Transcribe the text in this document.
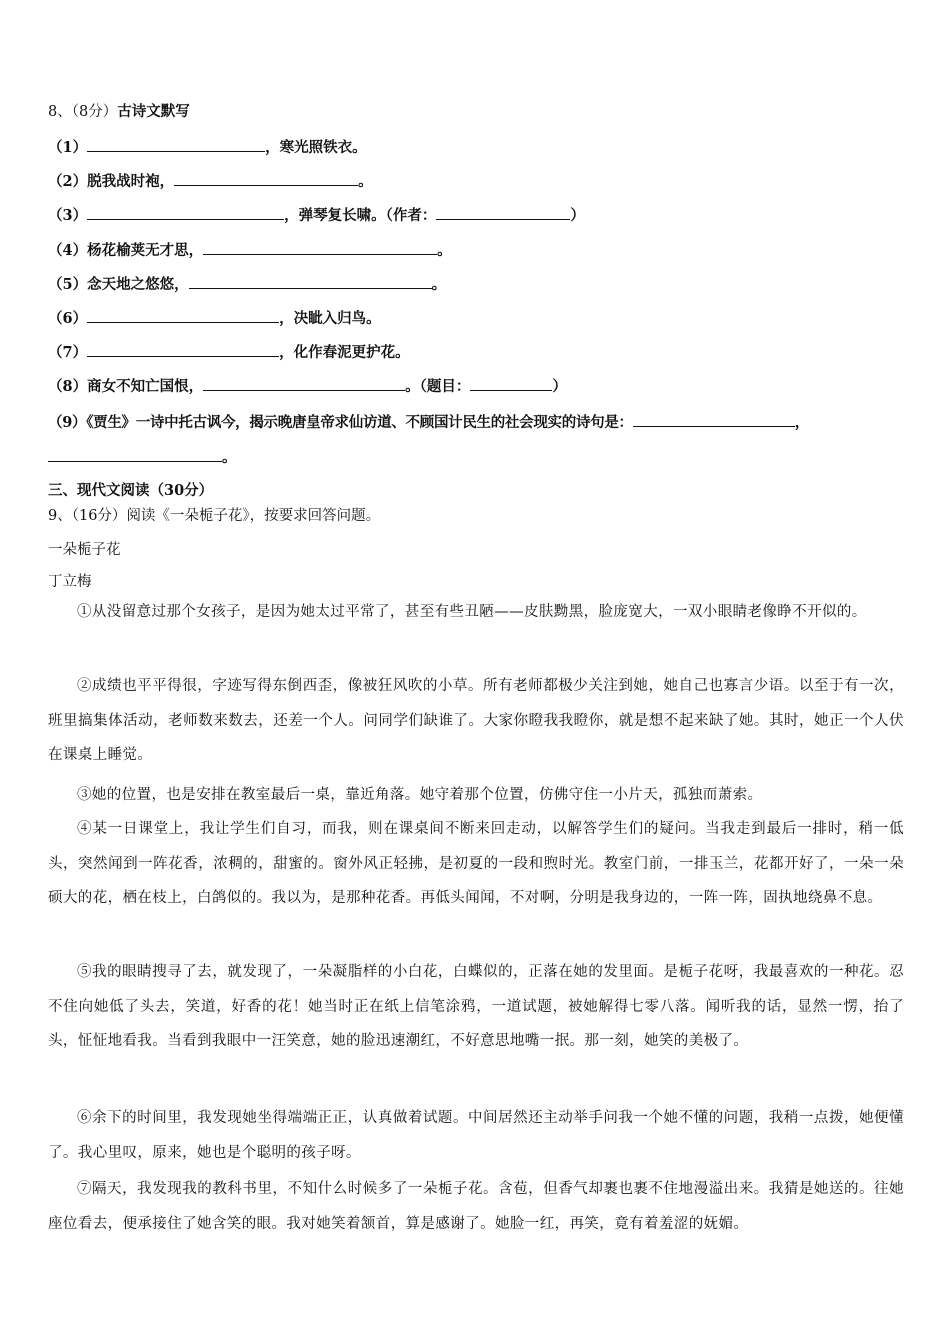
8、（8分）古诗文默写
（1）	，寒光照铁衣。
（2）脱我战时袍，	。
（3）	，弹琴复长啸。（作者：	）
（4）杨花榆荚无才思，	。
（5）念天地之悠悠，	。
（6）	，决眦入归鸟。
（7）	，化作春泥更护花。
（8）商女不知亡国恨，	。（题目：	）
（9）《贾生》一诗中托古讽今，揭示晚唐皇帝求仙访道、不顾国计民生的社会现实的诗句是：	，
。
三、现代文阅读（30分）
9、（16分）阅读《一朵栀子花》，按要求回答问题。
一朵栀子花
丁立梅
①从没留意过那个女孩子，是因为她太过平常了，甚至有些丑陋——皮肤黝黑，脸庞宽大，一双小眼睛老像睁不开似的。
②成绩也平平得很，字迹写得东倒西歪，像被狂风吹的小草。所有老师都极少关注到她，她自己也寡言少语。以至于有一次，班里搞集体活动，老师数来数去，还差一个人。问同学们缺谁了。大家你瞪我我瞪你，就是想不起来缺了她。其时，她正一个人伏在课桌上睡觉。
③她的位置，也是安排在教室最后一桌，靠近角落。她守着那个位置，仿佛守住一小片天，孤独而萧索。
④某一日课堂上，我让学生们自习，而我，则在课桌间不断来回走动，以解答学生们的疑问。当我走到最后一排时，稍一低头，突然闻到一阵花香，浓稠的，甜蜜的。窗外风正轻拂，是初夏的一段和煦时光。教室门前，一排玉兰，花都开好了，一朵一朵硕大的花，栖在枝上，白鸽似的。我以为，是那种花香。再低头闻闻，不对啊，分明是我身边的，一阵一阵，固执地绕鼻不息。
⑤我的眼睛搜寻了去，就发现了，一朵凝脂样的小白花，白蝶似的，正落在她的发里面。是栀子花呀，我最喜欢的一种花。忍不住向她低了头去，笑道，好香的花！她当时正在纸上信笔涂鸦，一道试题，被她解得七零八落。闻听我的话，显然一愣，抬了头，怔怔地看我。当看到我眼中一汪笑意，她的脸迅速潮红，不好意思地嘴一抿。那一刻，她笑的美极了。
⑥余下的时间里，我发现她坐得端端正正，认真做着试题。中间居然还主动举手问我一个她不懂的问题，我稍一点拨，她便懂了。我心里叹，原来，她也是个聪明的孩子呀。
⑦隔天，我发现我的教科书里，不知什么时候多了一朵栀子花。含苞，但香气却裹也裹不住地漫溢出来。我猜是她送的。往她座位看去，便承接住了她含笑的眼。我对她笑着颔首，算是感谢了。她脸一红，再笑，竟有着羞涩的妩媚。
